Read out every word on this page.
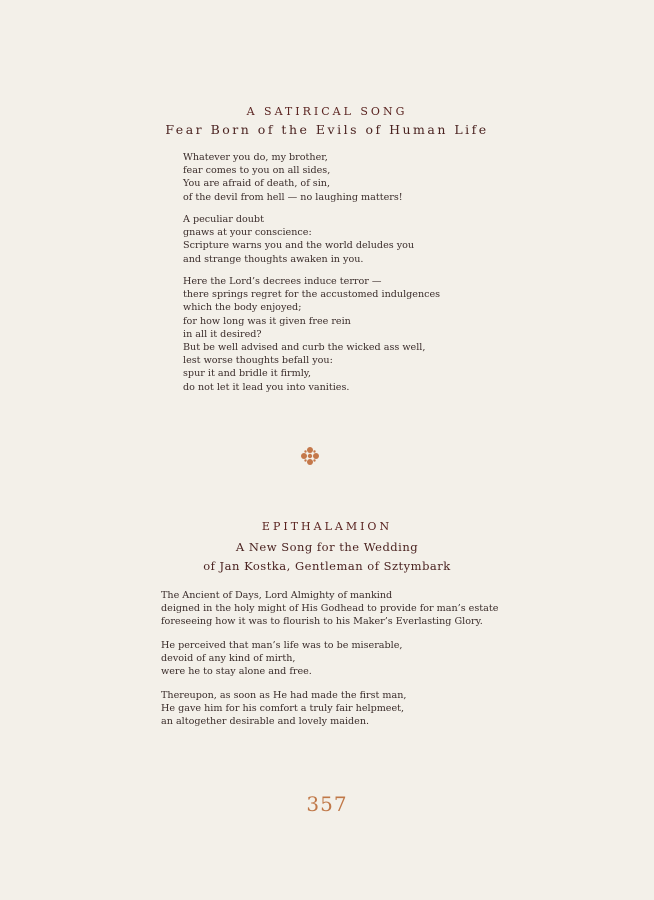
A SATIRICAL SONG
Fear Born of the Evils of Human Life
Whatever you do, my brother,
fear comes to you on all sides,
You are afraid of death, of sin,
of the devil from hell — no laughing matters!
A peculiar doubt
gnaws at your conscience:
Scripture warns you and the world deludes you
and strange thoughts awaken in you.
Here the Lord’s decrees induce terror —
there springs regret for the accustomed indulgences
which the body enjoyed;
for how long was it given free rein
in all it desired?
But be well advised and curb the wicked ass well,
lest worse thoughts befall you:
spur it and bridle it firmly,
do not let it lead you into vanities.
EPITHALAMION
A New Song for the Wedding
of Jan Kostka, Gentleman of Sztymbark
The Ancient of Days, Lord Almighty of mankind
deigned in the holy might of His Godhead to provide for man’s estate
foreseeing how it was to flourish to his Maker’s Everlasting Glory.
He perceived that man’s life was to be miserable,
devoid of any kind of mirth,
were he to stay alone and free.
Thereupon, as soon as He had made the first man,
He gave him for his comfort a truly fair helpmeet,
an altogether desirable and lovely maiden.
357
